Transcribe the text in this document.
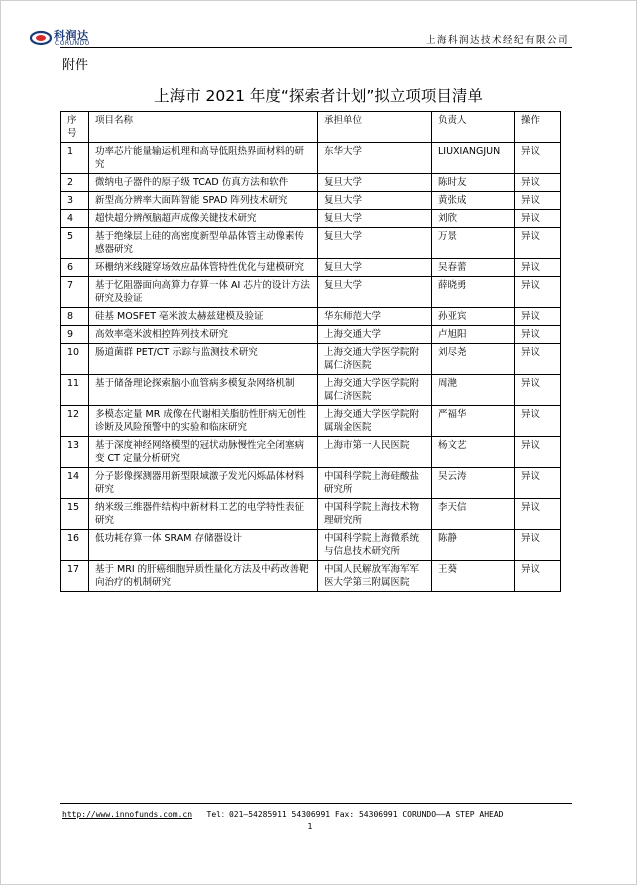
科润达
CORUNDO	上海科润达技术经纪有限公司
附件
上海市 2021 年度“探索者计划”拟立项项目清单
序号	项目名称	承担单位	负责人	操作
1	功率芯片能量输运机理和高导低阻热界面材料的研究	东华大学	LIUXIANGJUN	异议
2	微纳电子器件的原子级 TCAD 仿真方法和软件	复旦大学	陈时友	异议
3	新型高分辨率大面阵智能 SPAD 阵列技术研究	复旦大学	黄张成	异议
4	超快超分辨颅脑超声成像关键技术研究	复旦大学	刘欣	异议
5	基于绝缘层上硅的高密度新型单晶体管主动像素传感器研究	复旦大学	万景	异议
6	环栅纳米线隧穿场效应晶体管特性优化与建模研究	复旦大学	吴春蕾	异议
7	基于忆阻器面向高算力存算一体 AI 芯片的设计方法研究及验证	复旦大学	薛晓勇	异议
8	硅基 MOSFET 亳米波太赫兹建模及验证	华东师范大学	孙亚宾	异议
9	高效率毫米波相控阵列技术研究	上海交通大学	卢旭阳	异议
10	肠道菌群 PET/CT 示踪与监测技术研究	上海交通大学医学院附属仁济医院	刘尽尧	异议
11	基于储备理论探索脑小血管病多模复杂网络机制	上海交通大学医学院附属仁济医院	周滟	异议
12	多模态定量 MR 成像在代谢相关脂肪性肝病无创性诊断及风险预警中的实验和临床研究	上海交通大学医学院附属瑞金医院	严福华	异议
13	基于深度神经网络模型的冠状动脉慢性完全闭塞病变 CT 定量分析研究	上海市第一人民医院	杨文艺	异议
14	分子影像探测器用新型限域激子发光闪烁晶体材料研究	中国科学院上海硅酸盐研究所	吴云涛	异议
15	纳米级三维器件结构中新材料工艺的电学特性表征研究	中国科学院上海技术物理研究所	李天信	异议
16	低功耗存算一体 SRAM 存储器设计	中国科学院上海微系统与信息技术研究所	陈静	异议
17	基于 MRI 的肝癌细胞异质性量化方法及中药改善靶向治疗的机制研究	中国人民解放军海军军医大学第三附属医院	王葵	异议
http://www.innofunds.com.cn Tel：021—54285911 54306991 Fax: 54306991 CORUNDO——A STEP AHEAD
1
